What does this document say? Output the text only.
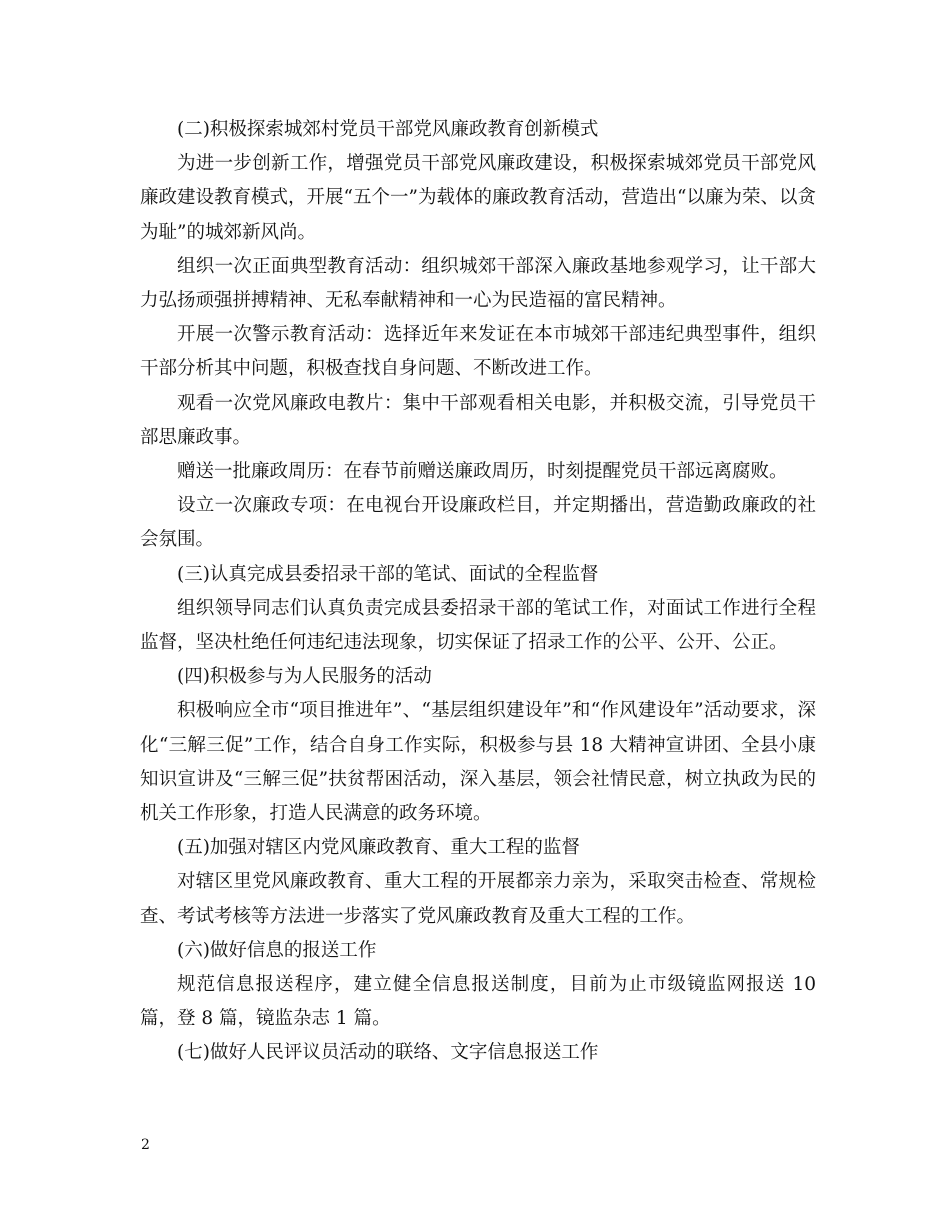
(二)积极探索城郊村党员干部党风廉政教育创新模式

为进一步创新工作，增强党员干部党风廉政建设，积极探索城郊党员干部党风廉政建设教育模式，开展“五个一”为载体的廉政教育活动，营造出“以廉为荣、以贪为耻”的城郊新风尚。

组织一次正面典型教育活动：组织城郊干部深入廉政基地参观学习，让干部大力弘扬顽强拼搏精神、无私奉献精神和一心为民造福的富民精神。

开展一次警示教育活动：选择近年来发证在本市城郊干部违纪典型事件，组织干部分析其中问题，积极查找自身问题、不断改进工作。

观看一次党风廉政电教片：集中干部观看相关电影，并积极交流，引导党员干部思廉政事。

赠送一批廉政周历：在春节前赠送廉政周历，时刻提醒党员干部远离腐败。

设立一次廉政专项：在电视台开设廉政栏目，并定期播出，营造勤政廉政的社会氛围。

(三)认真完成县委招录干部的笔试、面试的全程监督

组织领导同志们认真负责完成县委招录干部的笔试工作，对面试工作进行全程监督，坚决杜绝任何违纪违法现象，切实保证了招录工作的公平、公开、公正。

(四)积极参与为人民服务的活动

积极响应全市“项目推进年”、“基层组织建设年”和“作风建设年”活动要求，深化“三解三促”工作，结合自身工作实际，积极参与县 18 大精神宣讲团、全县小康知识宣讲及“三解三促”扶贫帮困活动，深入基层，领会社情民意，树立执政为民的机关工作形象，打造人民满意的政务环境。

(五)加强对辖区内党风廉政教育、重大工程的监督

对辖区里党风廉政教育、重大工程的开展都亲力亲为，采取突击检查、常规检查、考试考核等方法进一步落实了党风廉政教育及重大工程的工作。

(六)做好信息的报送工作

规范信息报送程序，建立健全信息报送制度，目前为止市级镜监网报送 10 篇，登 8 篇，镜监杂志 1 篇。

(七)做好人民评议员活动的联络、文字信息报送工作

2
